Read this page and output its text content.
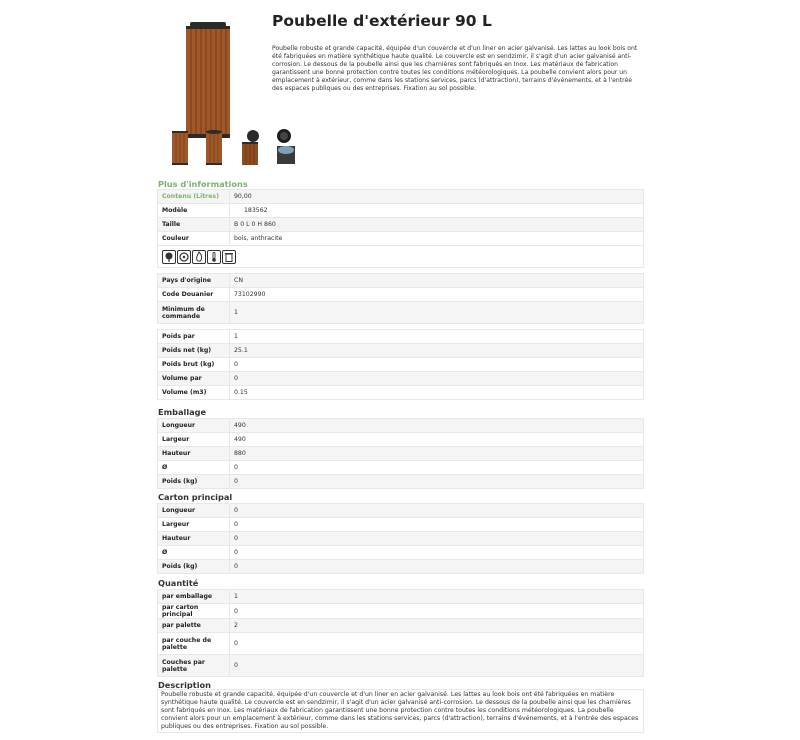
Poubelle d'extérieur 90 L
Poubelle robuste et grande capacité, équipée d'un couvercle et d'un liner en acier galvanisé. Les lattes au look bois ont été fabriquées en matière synthétique haute qualité. Le couvercle est en sendzimir, il s'agit d'un acier galvanisé anti-corrosion. Le dessous de la poubelle ainsi que les charnières sont fabriqués en Inox. Les matériaux de fabrication garantissent une bonne protection contre toutes les conditions météorologiques. La poubelle convient alors pour un emplacement à extérieur, comme dans les stations services, parcs (d'attraction), terrains d'événements, et à l'entrée des espaces publiques ou des entreprises. Fixation au sol possible.
Plus d'informations
Contenu (Litres)	90,00
Modèle	183562
Taille	B 0 L 0 H 860
Couleur	bois, anthracite

Pays d'origine	CN
Code Douanier	73102990
Minimum de commande	1

Poids par	1
Poids net (kg)	25.1
Poids brut (kg)	0
Volume par	0
Volume (m3)	0.15
Emballage
Longueur	490
Largeur	490
Hauteur	880
Ø	0
Poids (kg)	0
Carton principal
Longueur	0
Largeur	0
Hauteur	0
Ø	0
Poids (kg)	0
Quantité
par emballage	1
par carton principal	0
par palette	2
par couche de palette	0
Couches par palette	0
Description
Poubelle robuste et grande capacité, équipée d'un couvercle et d'un liner en acier galvanisé. Les lattes au look bois ont été fabriquées en matière synthétique haute qualité. Le couvercle est en sendzimir, il s'agit d'un acier galvanisé anti-corrosion. Le dessous de la poubelle ainsi que les charnières sont fabriqués en Inox. Les matériaux de fabrication garantissent une bonne protection contre toutes les conditions météorologiques. La poubelle convient alors pour un emplacement à extérieur, comme dans les stations services, parcs (d'attraction), terrains d'événements, et à l'entrée des espaces publiques ou des entreprises. Fixation au sol possible.
